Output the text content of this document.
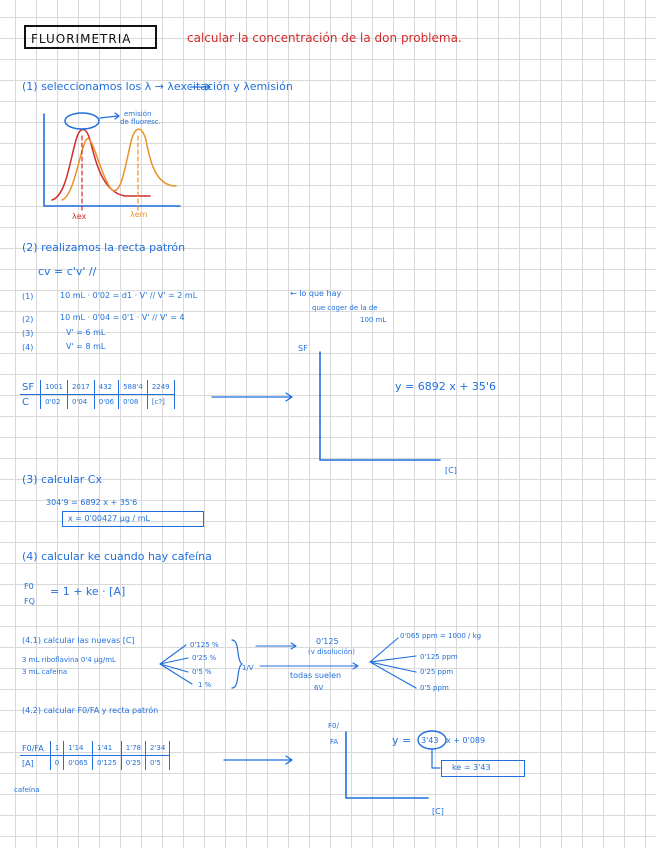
FLUORIMETRIA	calcular la concentración de la don problema.
(1) seleccionamos los λ → λexcitación y λemisión
emisión
de fluoresc.
λex	λem
(2) realizamos la recta patrón
cv = c'v' //
(1)	10 mL · 0'02 = d1 · V' // V' = 2 mL	← lo que hay
que coger de la de
100 mL
(2)	10 mL · 0'04 = 0'1 · V' // V' = 4
(3)	V' = 6 mL
(4)	V' = 8 mL
SF	1001	2017	432	588'4	2249
C	0'02	0'04	0'06	0'08	[c?]
SF
[C]
y = 6892 x + 35'6
(3) calcular Cx
304'9 = 6892 x + 35'6
x = 0'00427 µg / mL
(4) calcular ke cuando hay cafeína
F0
FQ
= 1 + ke · [A]
(4.1) calcular las nuevas [C]
3 mL riboflavina 0'4 µg/mL
3 mL cafeína
0'125 %
0'25 %
0'5 %
1 %
1/V
0'125
(v disolución)
todas suelen
6V
0'065 ppm = 1000 / kg
0'125 ppm
0'25 ppm
0'5 ppm
(4.2) calcular F0/FA y recta patrón
F0/FA	1	1'14	1'41	1'78	2'34
[A]	0	0'065	0'125	0'25	0'5
cafeína
F0/
FA
[C]
y = 3'43 x + 0'089
ke = 3'43
